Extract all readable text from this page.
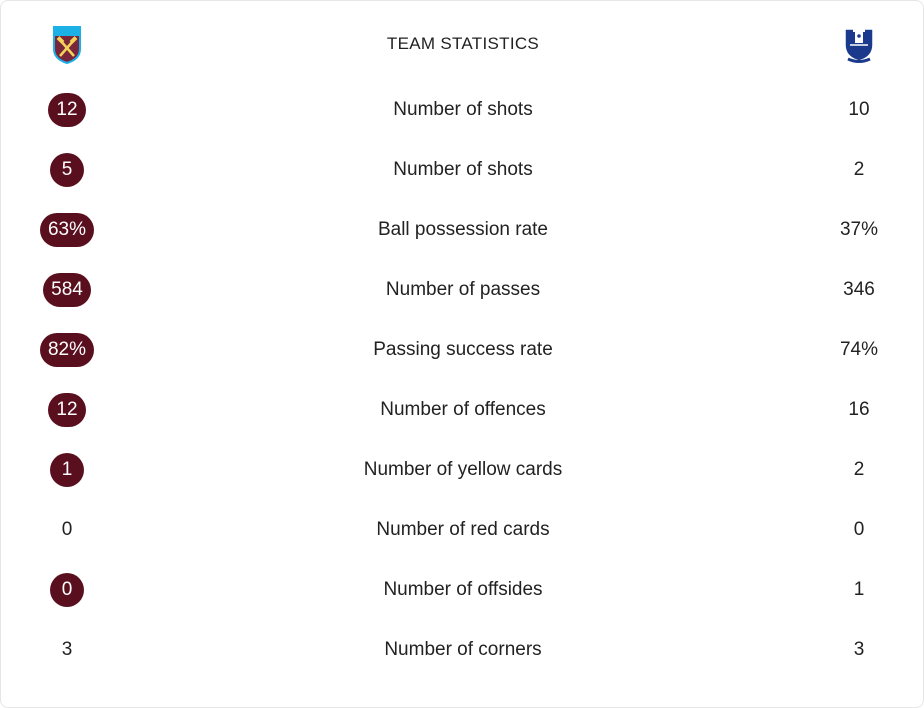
TEAM STATISTICS
12	Number of shots	10
5	Number of shots	2
63%	Ball possession rate	37%
584	Number of passes	346
82%	Passing success rate	74%
12	Number of offences	16
1	Number of yellow cards	2
0	Number of red cards	0
0	Number of offsides	1
3	Number of corners	3
